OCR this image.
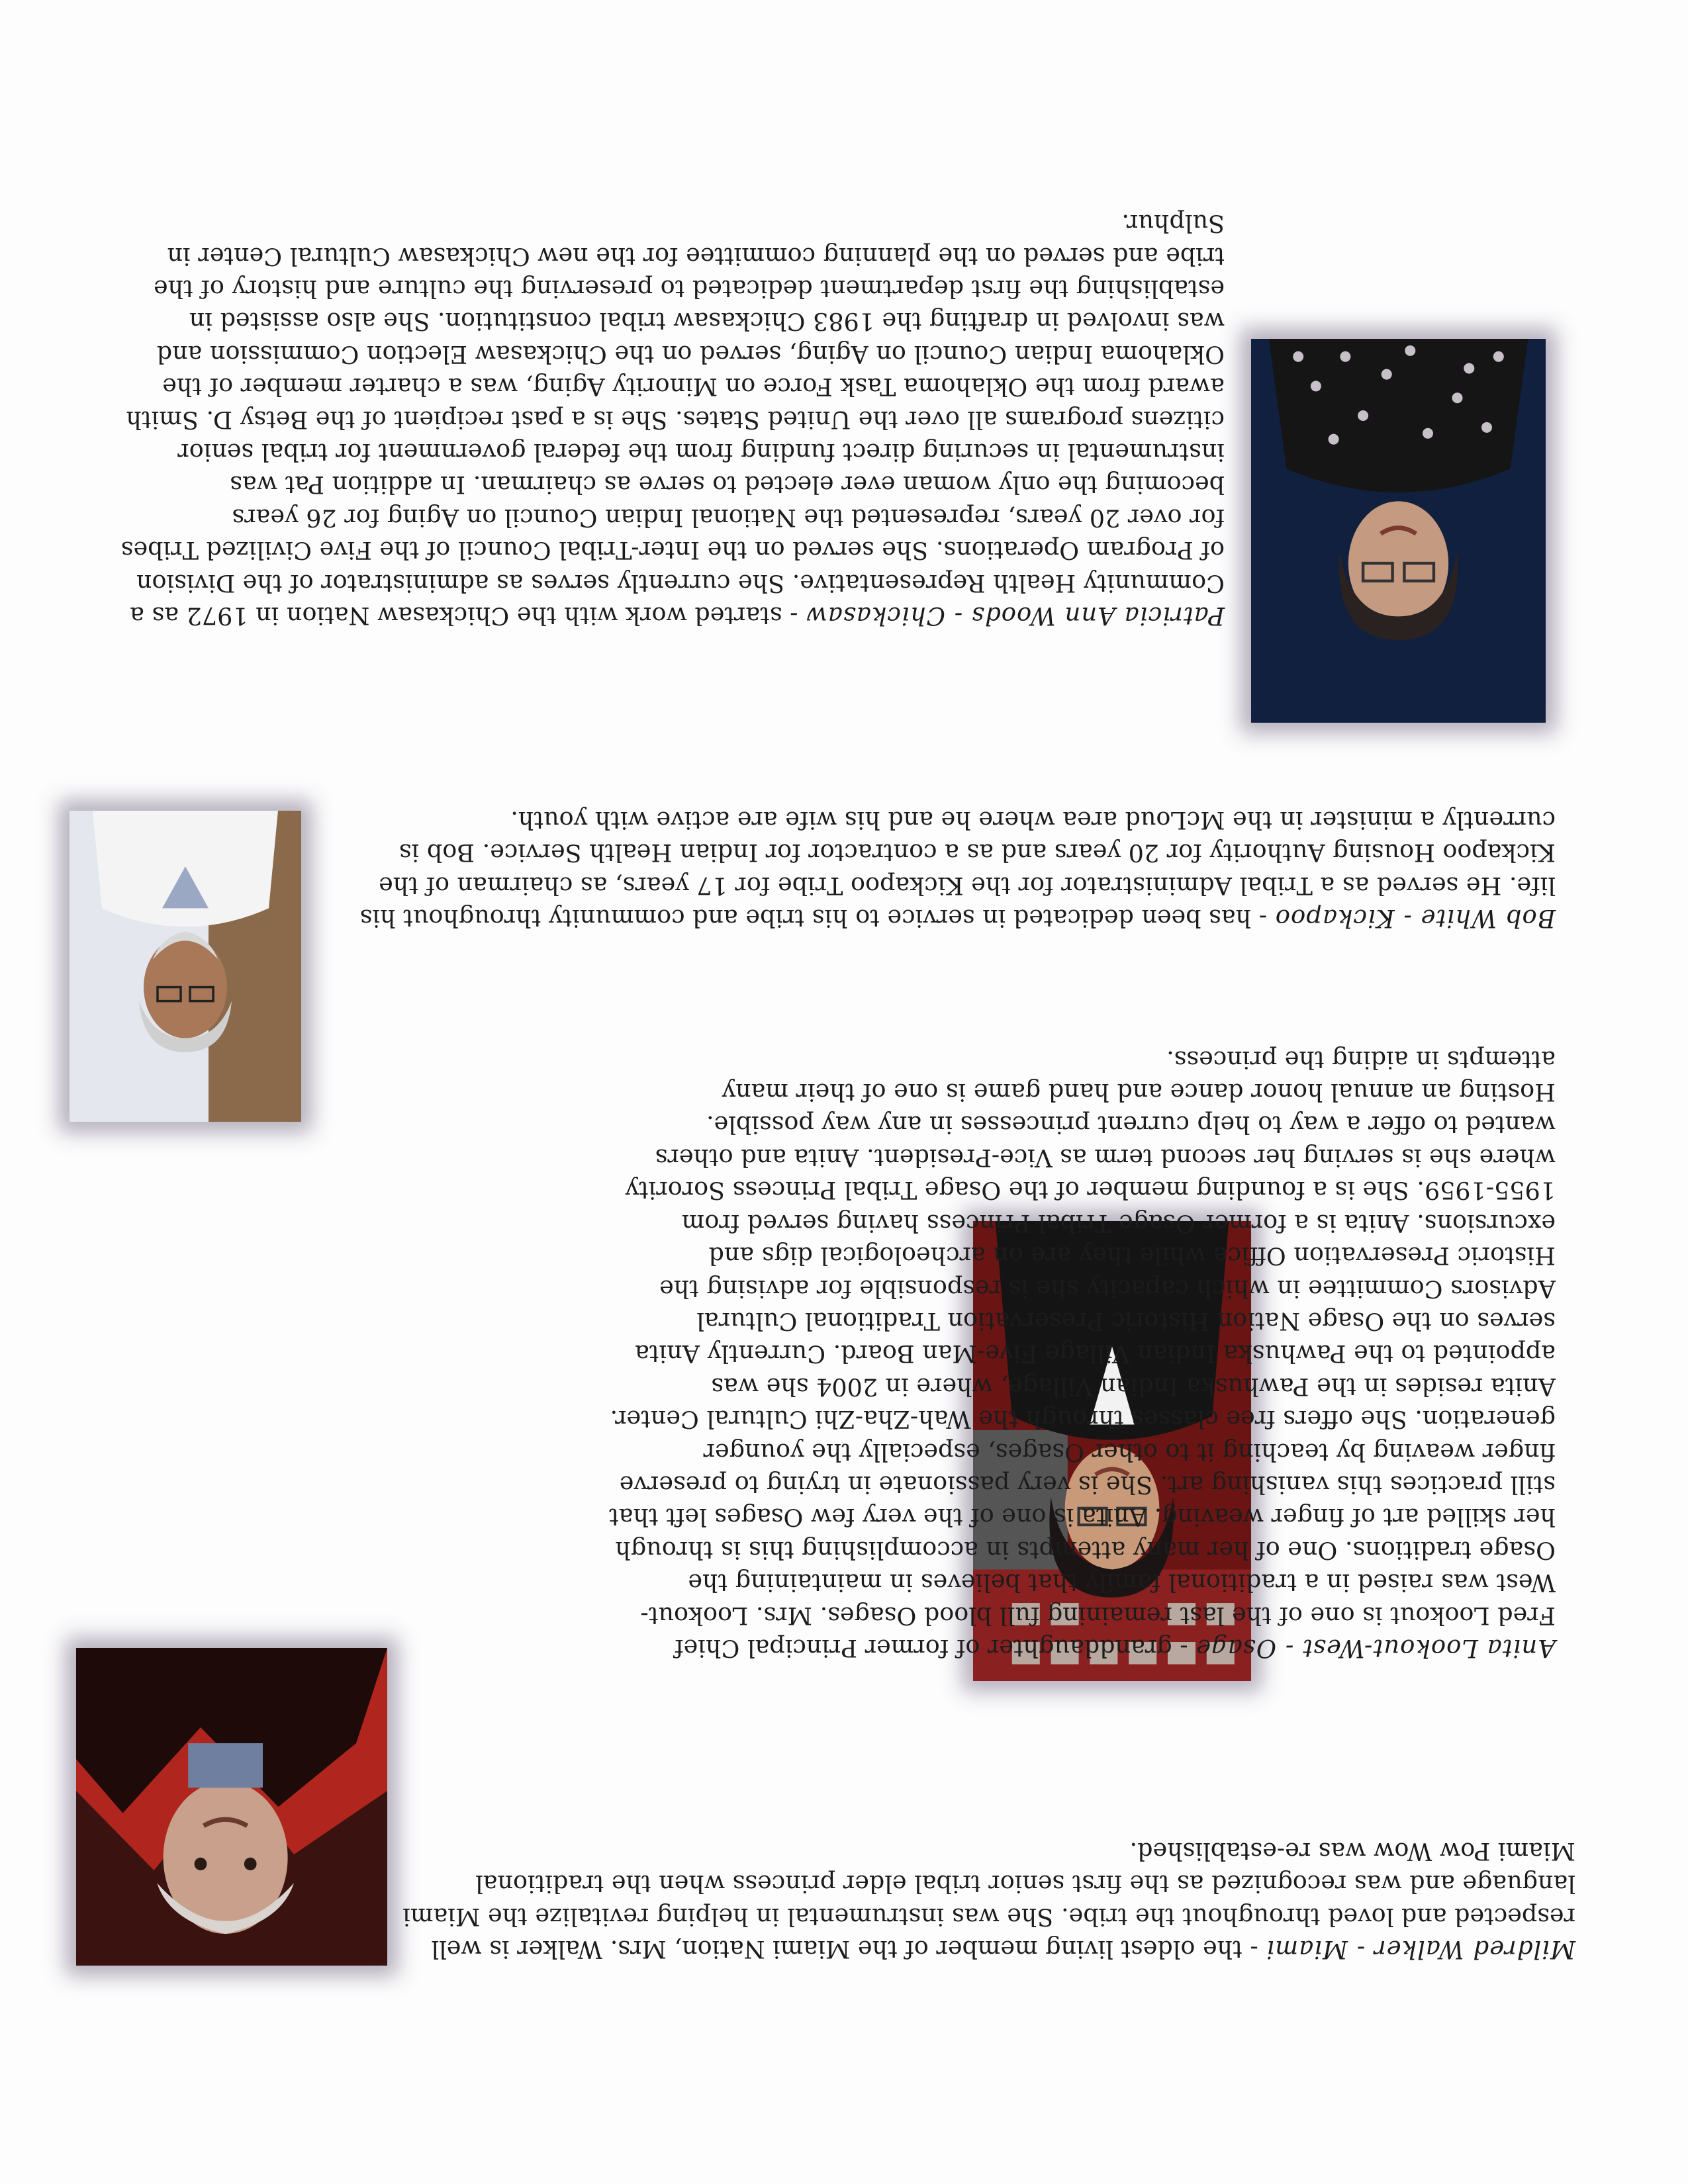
Mildred Walker - Miami - the oldest living member of the Miami Nation, Mrs. Walker is well respected and loved throughout the tribe. She was instrumental in helping revitalize the Miami language and was recognized as the first senior tribal elder princess when the traditional Miami Pow Wow was re-established.

Anita Lookout-West - Osage - granddaughter of former Principal Chief Fred Lookout is one of the last remaining full blood Osages. Mrs. Lookout-West was raised in a traditional family that believes in maintaining the Osage traditions. One of her many attempts in accomplishing this is through her skilled art of finger weaving. Anita is one of the very few Osages left that still practices this vanishing art. She is very passionate in trying to preserve finger weaving by teaching it to other Osages, especially the younger generation. She offers free classes through the Wah-Zha-Zhi Cultural Center. Anita resides in the Pawhuska Indian Village, where in 2004 she was appointed to the Pawhuska Indian Village Five-Man Board. Currently Anita serves on the Osage Nation Historic Preservation Traditional Cultural Advisors Committee in which capacity she is responsible for advising the Historic Preservation Office while they are on archeological digs and excursions. Anita is a former Osage Tribal Princess having served from 1955-1959. She is a founding member of the Osage Tribal Princess Sorority where she is serving her second term as Vice-President. Anita and others wanted to offer a way to help current princesses in any way possible. Hosting an annual honor dance and hand game is one of their many attempts in aiding the princess.

Bob White - Kickapoo - has been dedicated in service to his tribe and community throughout his life. He served as a Tribal Administrator for the Kickapoo Tribe for 17 years, as chairman of the Kickapoo Housing Authority for 20 years and as a contractor for Indian Health Service. Bob is currently a minister in the McLoud area where he and his wife are active with youth.

Patricia Ann Woods - Chickasaw - started work with the Chickasaw Nation in 1972 as a Community Health Representative. She currently serves as administrator of the Division of Program Operations. She served on the Inter-Tribal Council of the Five Civilized Tribes for over 20 years, represented the National Indian Council on Aging for 26 years becoming the only woman ever elected to serve as chairman. In addition Pat was instrumental in securing direct funding from the federal government for tribal senior citizens programs all over the United States. She is a past recipient of the Betsy D. Smith award from the Oklahoma Task Force on Minority Aging, was a charter member of the Oklahoma Indian Council on Aging, served on the Chickasaw Election Commission and was involved in drafting the 1983 Chickasaw tribal constitution. She also assisted in establishing the first department dedicated to preserving the culture and history of the tribe and served on the planning committee for the new Chickasaw Cultural Center in Sulphur.
